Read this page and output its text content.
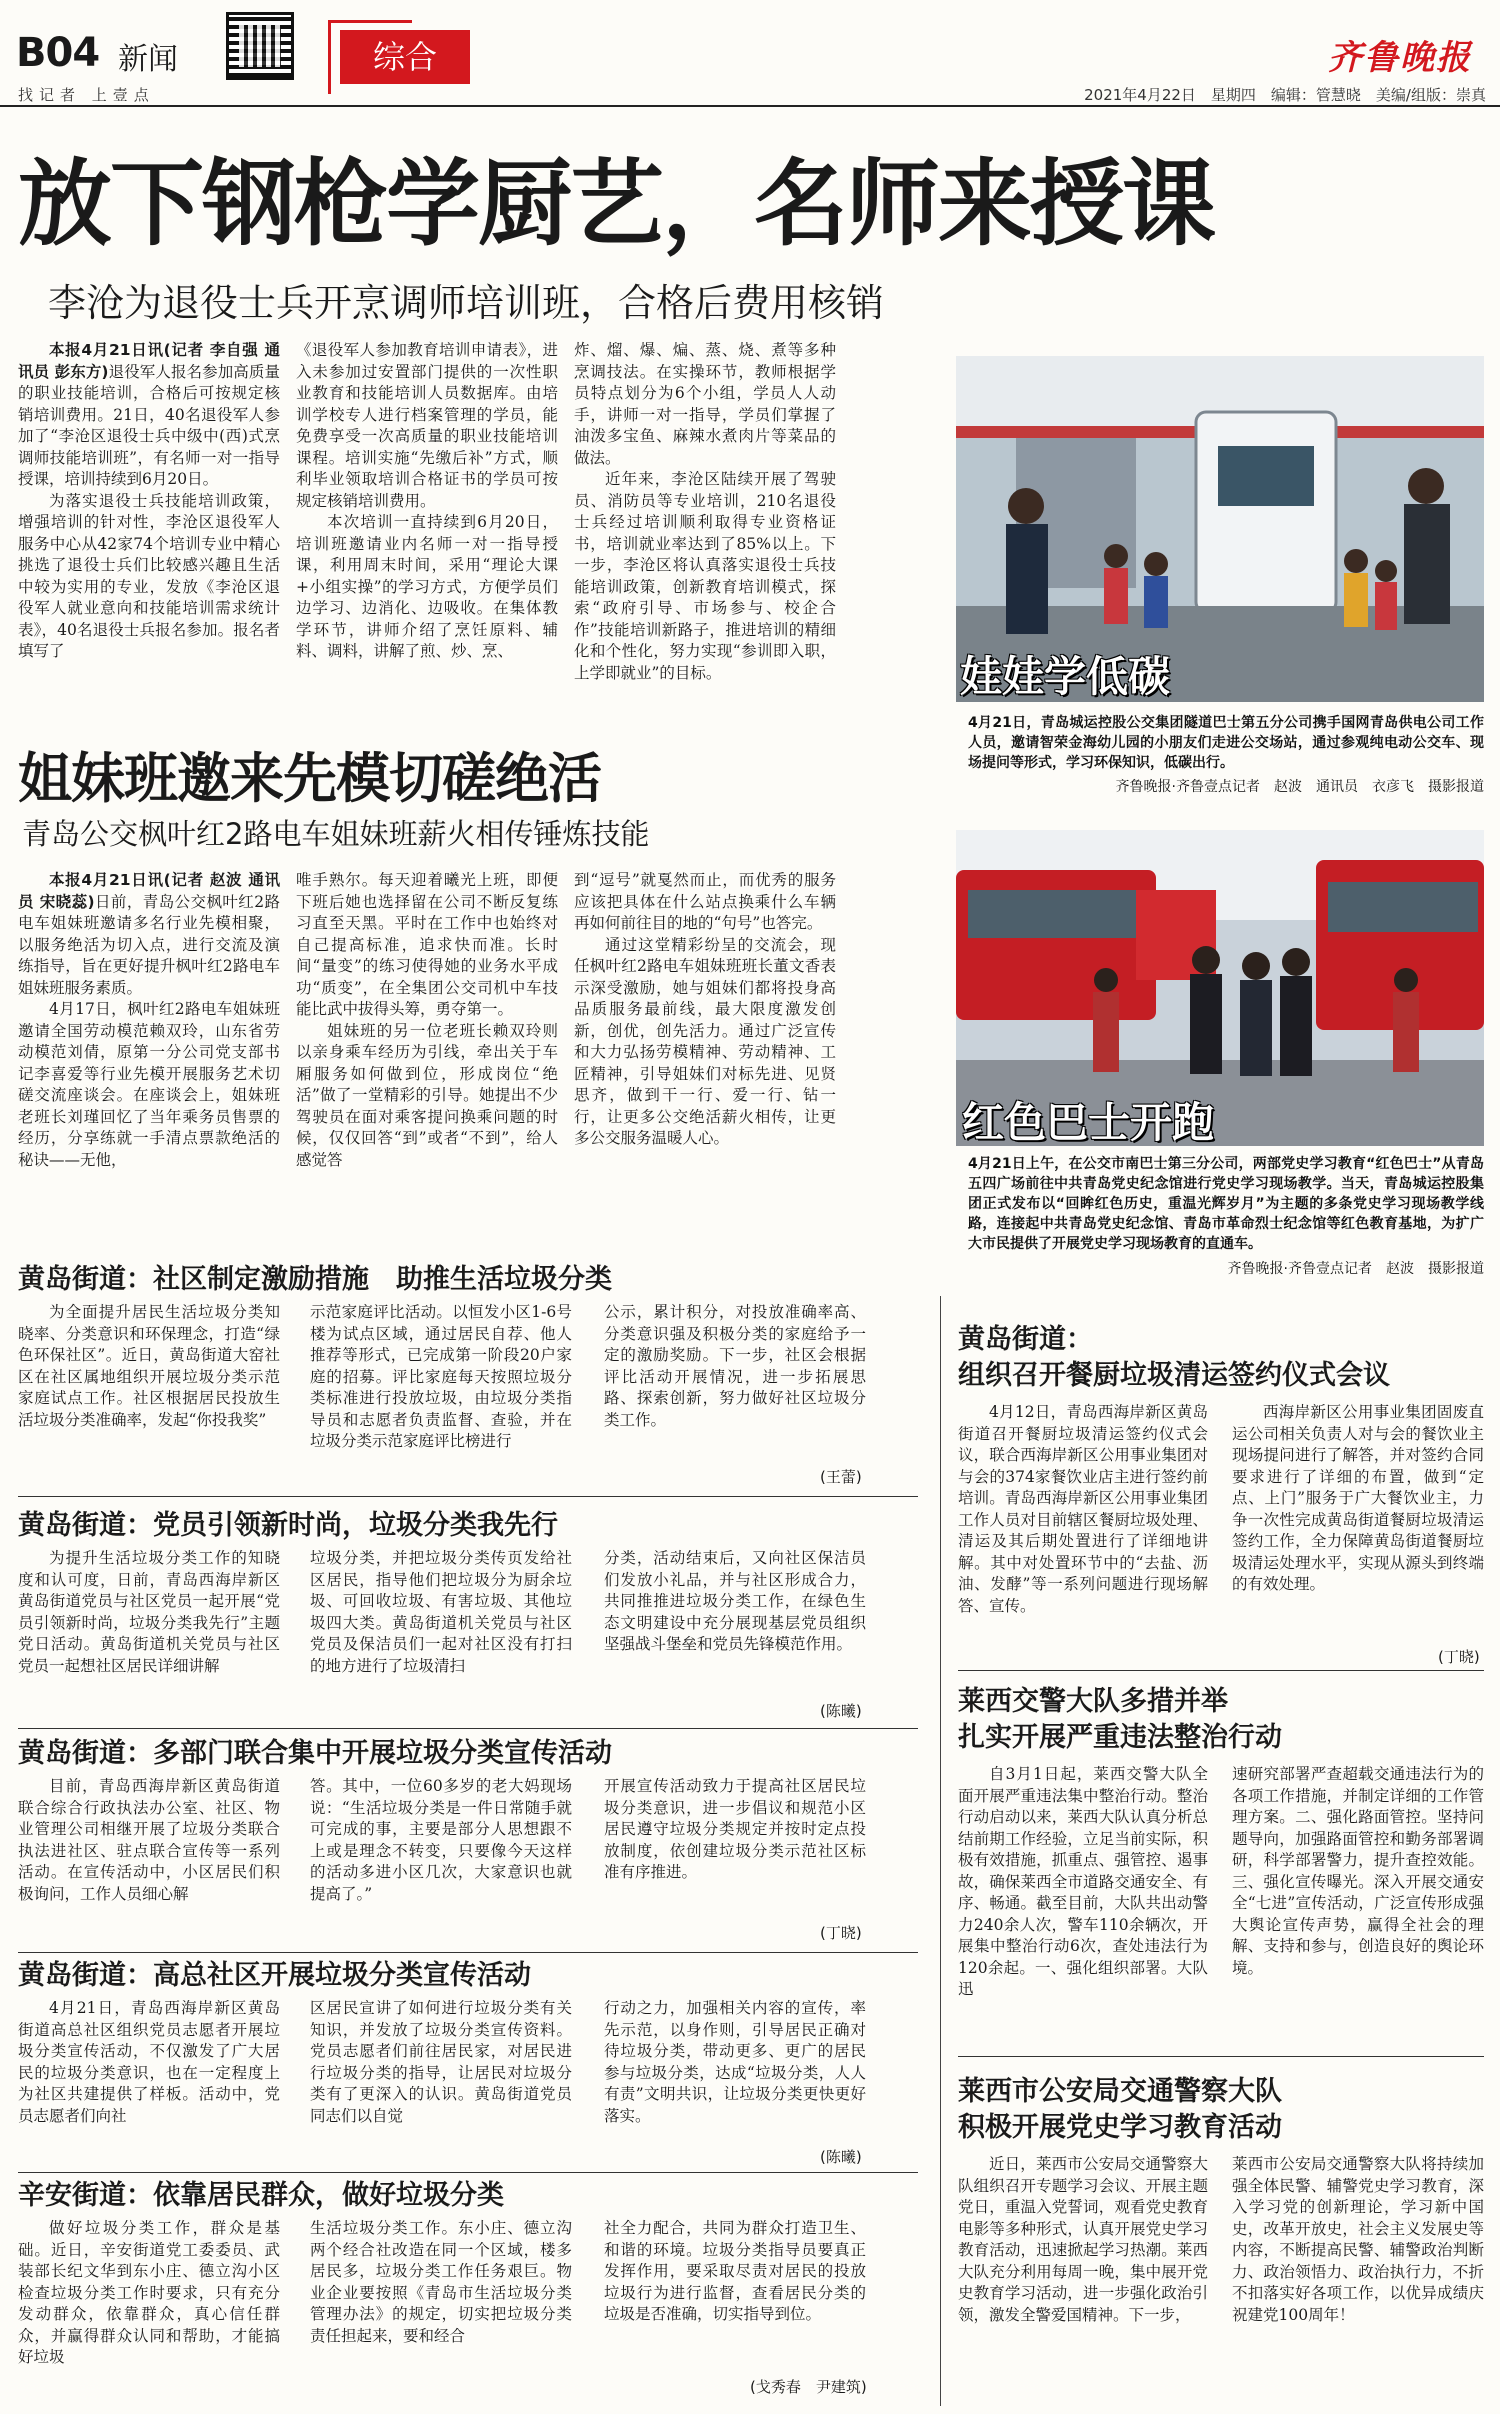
B04 新闻
找记者 上壹点
综合	齐鲁晚报
2021年4月22日　星期四　编辑：管慧晓　美编/组版：崇真
放下钢枪学厨艺，名师来授课
李沧为退役士兵开烹调师培训班，合格后费用核销

本报4月21日讯(记者 李自强 通讯员 彭东方)退役军人报名参加高质量的职业技能培训，合格后可按规定核销培训费用。21日，40名退役军人参加了“李沧区退役士兵中级中(西)式烹调师技能培训班”，有名师一对一指导授课，培训持续到6月20日。

为落实退役士兵技能培训政策，增强培训的针对性，李沧区退役军人服务中心从42家74个培训专业中精心挑选了退役士兵们比较感兴趣且生活中较为实用的专业，发放《李沧区退役军人就业意向和技能培训需求统计表》，40名退役士兵报名参加。报名者填写了

《退役军人参加教育培训申请表》，进入未参加过安置部门提供的一次性职业教育和技能培训人员数据库。由培训学校专人进行档案管理的学员，能免费享受一次高质量的职业技能培训课程。培训实施“先缴后补”方式，顺利毕业领取培训合格证书的学员可按规定核销培训费用。

本次培训一直持续到6月20日，培训班邀请业内名师一对一指导授课，利用周末时间，采用“理论大课+小组实操”的学习方式，方便学员们边学习、边消化、边吸收。在集体教学环节，讲师介绍了烹饪原料、辅料、调料，讲解了煎、炒、烹、

炸、熘、爆、煸、蒸、烧、煮等多种烹调技法。在实操环节，教师根据学员特点划分为6个小组，学员人人动手，讲师一对一指导，学员们掌握了油泼多宝鱼、麻辣水煮肉片等菜品的做法。

近年来，李沧区陆续开展了驾驶员、消防员等专业培训，210名退役士兵经过培训顺利取得专业资格证书，培训就业率达到了85%以上。下一步，李沧区将认真落实退役士兵技能培训政策，创新教育培训模式，探索“政府引导、市场参与、校企合作”技能培训新路子，推进培训的精细化和个性化，努力实现“参训即入职，上学即就业”的目标。	娃娃学低碳
4月21日，青岛城运控股公交集团隧道巴士第五分公司携手国网青岛供电公司工作人员，邀请智荣金海幼儿园的小朋友们走进公交场站，通过参观纯电动公交车、现场提问等形式，学习环保知识，低碳出行。
齐鲁晚报·齐鲁壹点记者　赵波　通讯员　衣彦飞　摄影报道
姐妹班邀来先模切磋绝活
青岛公交枫叶红2路电车姐妹班薪火相传锤炼技能

本报4月21日讯(记者 赵波 通讯员 宋晓蕊)日前，青岛公交枫叶红2路电车姐妹班邀请多名行业先模相聚，以服务绝活为切入点，进行交流及演练指导，旨在更好提升枫叶红2路电车姐妹班服务素质。

4月17日，枫叶红2路电车姐妹班邀请全国劳动模范赖双玲，山东省劳动模范刘倩，原第一分公司党支部书记李喜爱等行业先模开展服务艺术切磋交流座谈会。在座谈会上，姐妹班老班长刘瑾回忆了当年乘务员售票的经历，分享练就一手清点票款绝活的秘诀——无他，

唯手熟尔。每天迎着曦光上班，即便下班后她也选择留在公司不断反复练习直至天黑。平时在工作中也始终对自己提高标准，追求快而准。长时间“量变”的练习使得她的业务水平成功“质变”，在全集团公交司机中车技能比武中拔得头筹，勇夺第一。

姐妹班的另一位老班长赖双玲则以亲身乘车经历为引线，牵出关于车厢服务如何做到位，形成岗位“绝活”做了一堂精彩的引导。她提出不少驾驶员在面对乘客提问换乘问题的时候，仅仅回答“到”或者“不到”，给人感觉答

到“逗号”就戛然而止，而优秀的服务应该把具体在什么站点换乘什么车辆再如何前往目的地的“句号”也答完。

通过这堂精彩纷呈的交流会，现任枫叶红2路电车姐妹班班长董文香表示深受激励，她与姐妹们都将投身高品质服务最前线，最大限度激发创新，创优，创先活力。通过广泛宣传和大力弘扬劳模精神、劳动精神、工匠精神，引导姐妹们对标先进、见贤思齐，做到干一行、爱一行、钻一行，让更多公交绝活薪火相传，让更多公交服务温暖人心。	红色巴士开跑
4月21日上午，在公交市南巴士第三分公司，两部党史学习教育“红色巴士”从青岛五四广场前往中共青岛党史纪念馆进行党史学习现场教学。当天，青岛城运控股集团正式发布以“回眸红色历史，重温光辉岁月”为主题的多条党史学习现场教学线路，连接起中共青岛党史纪念馆、青岛市革命烈士纪念馆等红色教育基地，为扩广大市民提供了开展党史学习现场教育的直通车。
齐鲁晚报·齐鲁壹点记者　赵波　摄影报道
黄岛街道：社区制定激励措施　助推生活垃圾分类

为全面提升居民生活垃圾分类知晓率、分类意识和环保理念，打造“绿色环保社区”。近日，黄岛街道大窑社区在社区属地组织开展垃圾分类示范家庭试点工作。社区根据居民投放生活垃圾分类准确率，发起“你投我奖”

示范家庭评比活动。以恒发小区1-6号楼为试点区域，通过居民自荐、他人推荐等形式，已完成第一阶段20户家庭的招募。评比家庭每天按照垃圾分类标准进行投放垃圾，由垃圾分类指导员和志愿者负责监督、查验，并在垃圾分类示范家庭评比榜进行

公示，累计积分，对投放准确率高、分类意识强及积极分类的家庭给予一定的激励奖励。下一步，社区会根据评比活动开展情况，进一步拓展思路、探索创新，努力做好社区垃圾分类工作。

(王蕾)
黄岛街道：党员引领新时尚，垃圾分类我先行

为提升生活垃圾分类工作的知晓度和认可度，日前，青岛西海岸新区黄岛街道党员与社区党员一起开展“党员引领新时尚，垃圾分类我先行”主题党日活动。黄岛街道机关党员与社区党员一起想社区居民详细讲解

垃圾分类，并把垃圾分类传页发给社区居民，指导他们把垃圾分为厨余垃圾、可回收垃圾、有害垃圾、其他垃圾四大类。黄岛街道机关党员与社区党员及保洁员们一起对社区没有打扫的地方进行了垃圾清扫

分类，活动结束后，又向社区保洁员们发放小礼品，并与社区形成合力，共同推推进垃圾分类工作，在绿色生态文明建设中充分展现基层党员组织坚强战斗堡垒和党员先锋模范作用。

(陈曦)
黄岛街道：多部门联合集中开展垃圾分类宣传活动

目前，青岛西海岸新区黄岛街道联合综合行政执法办公室、社区、物业管理公司相继开展了垃圾分类联合执法进社区、驻点联合宣传等一系列活动。在宣传活动中，小区居民们积极询问，工作人员细心解

答。其中，一位60多岁的老大妈现场说：“生活垃圾分类是一件日常随手就可完成的事，主要是部分人思想跟不上或是理念不转变，只要像今天这样的活动多进小区几次，大家意识也就提高了。”

开展宣传活动致力于提高社区居民垃圾分类意识，进一步倡议和规范小区居民遵守垃圾分类规定并按时定点投放制度，依创建垃圾分类示范社区标准有序推进。

(丁晓)
黄岛街道：高总社区开展垃圾分类宣传活动

4月21日，青岛西海岸新区黄岛街道高总社区组织党员志愿者开展垃圾分类宣传活动，不仅激发了广大居民的垃圾分类意识，也在一定程度上为社区共建提供了样板。活动中，党员志愿者们向社

区居民宣讲了如何进行垃圾分类有关知识，并发放了垃圾分类宣传资料。党员志愿者们前往居民家，对居民进行垃圾分类的指导，让居民对垃圾分类有了更深入的认识。黄岛街道党员同志们以自觉

行动之力，加强相关内容的宣传，率先示范，以身作则，引导居民正确对待垃圾分类，带动更多、更广的居民参与垃圾分类，达成“垃圾分类，人人有责”文明共识，让垃圾分类更快更好落实。

(陈曦)
辛安街道：依靠居民群众，做好垃圾分类

做好垃圾分类工作，群众是基础。近日，辛安街道党工委委员、武装部长纪文华到东小庄、德立沟小区检查垃圾分类工作时要求，只有充分发动群众，依靠群众，真心信任群众，并赢得群众认同和帮助，才能搞好垃圾

生活垃圾分类工作。东小庄、德立沟两个经合社改造在同一个区域，楼多居民多，垃圾分类工作任务艰巨。物业企业要按照《青岛市生活垃圾分类管理办法》的规定，切实把垃圾分类责任担起来，要和经合

社全力配合，共同为群众打造卫生、和谐的环境。垃圾分类指导员要真正发挥作用，要采取尽责对居民的投放垃圾行为进行监督，查看居民分类的垃圾是否准确，切实指导到位。

(戈秀春　尹建筑)
黄岛街道：
组织召开餐厨垃圾清运签约仪式会议

4月12日，青岛西海岸新区黄岛街道召开餐厨垃圾清运签约仪式会议，联合西海岸新区公用事业集团对与会的374家餐饮业店主进行签约前培训。青岛西海岸新区公用事业集团工作人员对目前辖区餐厨垃圾处理、清运及其后期处置进行了详细地讲解。其中对处置环节中的“去盐、沥油、发酵”等一系列问题进行现场解答、宣传。

西海岸新区公用事业集团固废直运公司相关负责人对与会的餐饮业主现场提问进行了解答，并对签约合同要求进行了详细的布置，做到“定点、上门”服务于广大餐饮业主，力争一次性完成黄岛街道餐厨垃圾清运签约工作，全力保障黄岛街道餐厨垃圾清运处理水平，实现从源头到终端的有效处理。

(丁晓)
莱西交警大队多措并举
扎实开展严重违法整治行动

自3月1日起，莱西交警大队全面开展严重违法集中整治行动。整治行动启动以来，莱西大队认真分析总结前期工作经验，立足当前实际，积极有效措施，抓重点、强管控、遏事故，确保莱西全市道路交通安全、有序、畅通。截至目前，大队共出动警力240余人次，警车110余辆次，开展集中整治行动6次，查处违法行为120余起。一、强化组织部署。大队迅

速研究部署严查超载交通违法行为的各项工作措施，并制定详细的工作管理方案。二、强化路面管控。坚持问题导向，加强路面管控和勤务部署调研，科学部署警力，提升查控效能。三、强化宣传曝光。深入开展交通安全“七进”宣传活动，广泛宣传形成强大舆论宣传声势，赢得全社会的理解、支持和参与，创造良好的舆论环境。

莱西市公安局交通警察大队
积极开展党史学习教育活动

近日，莱西市公安局交通警察大队组织召开专题学习会议、开展主题党日，重温入党誓词，观看党史教育电影等多种形式，认真开展党史学习教育活动，迅速掀起学习热潮。莱西大队充分利用每周一晚，集中展开党史教育学习活动，进一步强化政治引领，激发全警爱国精神。下一步，

莱西市公安局交通警察大队将持续加强全体民警、辅警党史学习教育，深入学习党的创新理论，学习新中国史，改革开放史，社会主义发展史等内容，不断提高民警、辅警政治判断力、政治领悟力、政治执行力，不折不扣落实好各项工作，以优异成绩庆祝建党100周年！
